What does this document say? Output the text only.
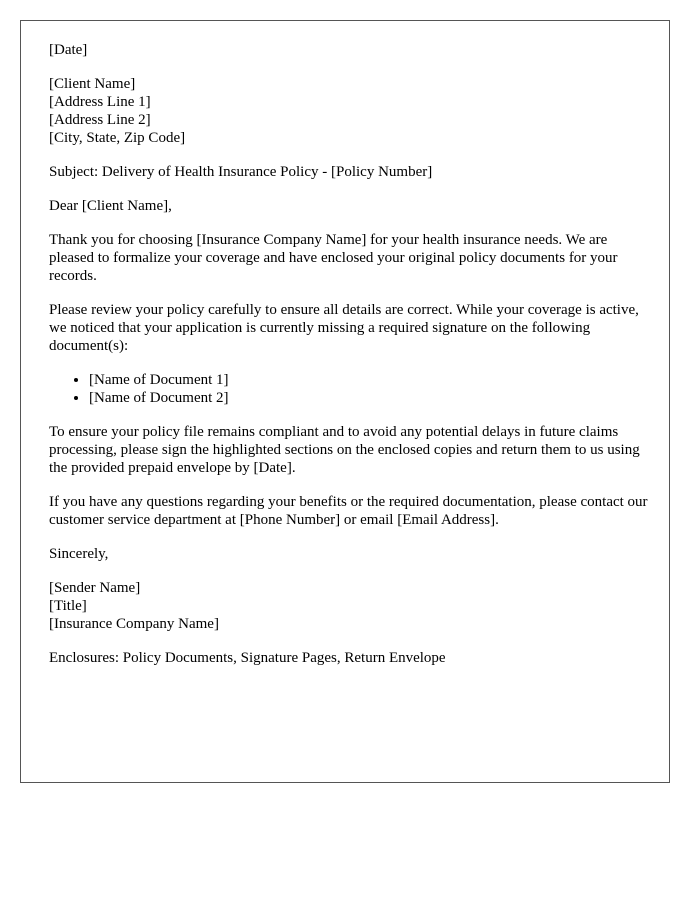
[Date]

[Client Name]
[Address Line 1]
[Address Line 2]
[City, State, Zip Code]

Subject: Delivery of Health Insurance Policy - [Policy Number]

Dear [Client Name],

Thank you for choosing [Insurance Company Name] for your health insurance needs. We are pleased to formalize your coverage and have enclosed your original policy documents for your records.

Please review your policy carefully to ensure all details are correct. While your coverage is active, we noticed that your application is currently missing a required signature on the following document(s):

• [Name of Document 1]
• [Name of Document 2]

To ensure your policy file remains compliant and to avoid any potential delays in future claims processing, please sign the highlighted sections on the enclosed copies and return them to us using the provided prepaid envelope by [Date].

If you have any questions regarding your benefits or the required documentation, please contact our customer service department at [Phone Number] or email [Email Address].

Sincerely,

[Sender Name]
[Title]
[Insurance Company Name]

Enclosures: Policy Documents, Signature Pages, Return Envelope
